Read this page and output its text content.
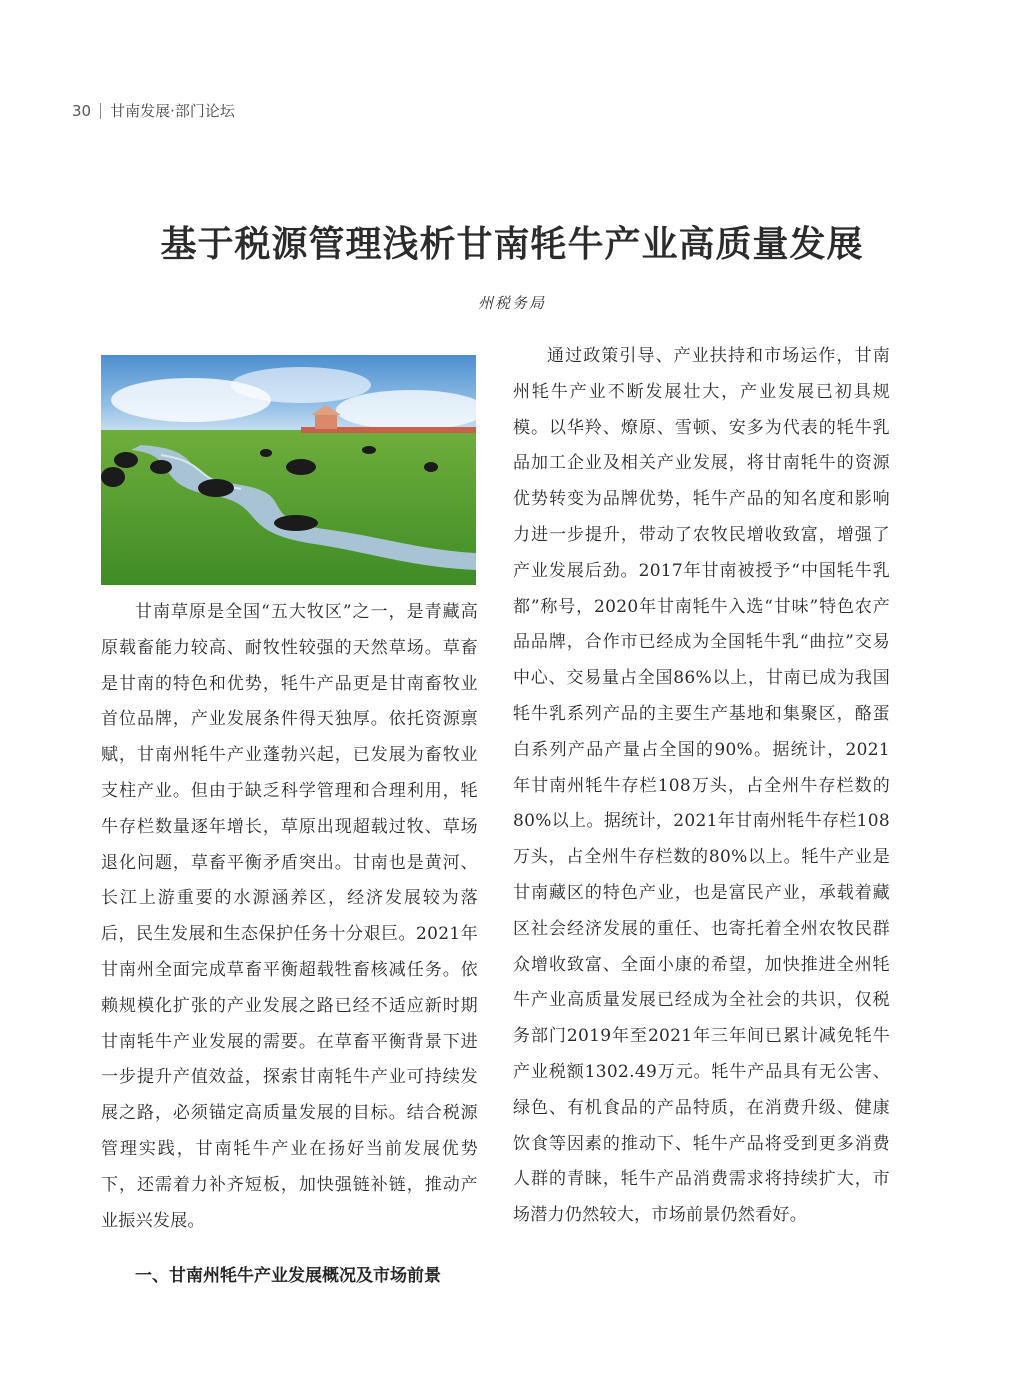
30 甘南发展·部门论坛
基于税源管理浅析甘南牦牛产业高质量发展
州税务局

甘南草原是全国“五大牧区”之一，是青藏高原载畜能力较高、耐牧性较强的天然草场。草畜是甘南的特色和优势，牦牛产品更是甘南畜牧业首位品牌，产业发展条件得天独厚。依托资源禀赋，甘南州牦牛产业蓬勃兴起，已发展为畜牧业支柱产业。但由于缺乏科学管理和合理利用，牦牛存栏数量逐年增长，草原出现超载过牧、草场退化问题，草畜平衡矛盾突出。甘南也是黄河、长江上游重要的水源涵养区，经济发展较为落后，民生发展和生态保护任务十分艰巨。2021年甘南州全面完成草畜平衡超载牲畜核减任务。依赖规模化扩张的产业发展之路已经不适应新时期甘南牦牛产业发展的需要。在草畜平衡背景下进一步提升产值效益，探索甘南牦牛产业可持续发展之路，必须锚定高质量发展的目标。结合税源管理实践，甘南牦牛产业在扬好当前发展优势下，还需着力补齐短板，加快强链补链，推动产业振兴发展。

一、甘南州牦牛产业发展概况及市场前景

通过政策引导、产业扶持和市场运作，甘南州牦牛产业不断发展壮大，产业发展已初具规模。以华羚、燎原、雪顿、安多为代表的牦牛乳品加工企业及相关产业发展，将甘南牦牛的资源优势转变为品牌优势，牦牛产品的知名度和影响力进一步提升，带动了农牧民增收致富，增强了产业发展后劲。2017年甘南被授予“中国牦牛乳都”称号，2020年甘南牦牛入选“甘味”特色农产品品牌，合作市已经成为全国牦牛乳“曲拉”交易中心、交易量占全国86%以上，甘南已成为我国牦牛乳系列产品的主要生产基地和集聚区，酪蛋白系列产品产量占全国的90%。据统计，2021年甘南州牦牛存栏108万头，占全州牛存栏数的80%以上。据统计，2021年甘南州牦牛存栏108万头，占全州牛存栏数的80%以上。牦牛产业是甘南藏区的特色产业，也是富民产业，承载着藏区社会经济发展的重任、也寄托着全州农牧民群众增收致富、全面小康的希望，加快推进全州牦牛产业高质量发展已经成为全社会的共识，仅税务部门2019年至2021年三年间已累计减免牦牛产业税额1302.49万元。牦牛产品具有无公害、绿色、有机食品的产品特质，在消费升级、健康饮食等因素的推动下、牦牛产品将受到更多消费人群的青睐，牦牛产品消费需求将持续扩大，市场潜力仍然较大，市场前景仍然看好。
